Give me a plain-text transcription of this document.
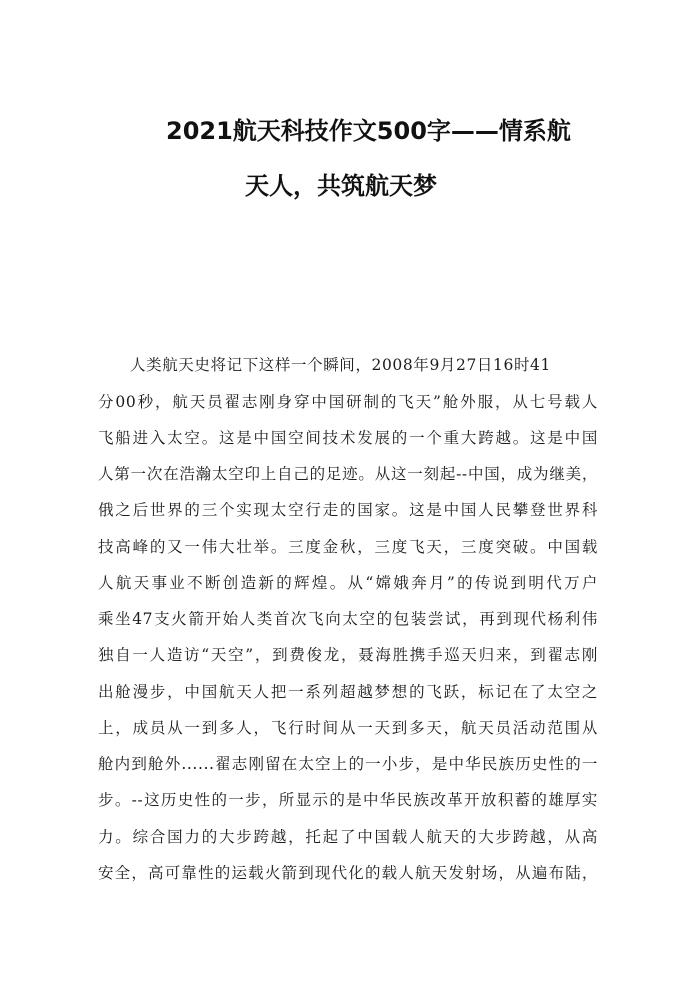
2021航天科技作文500字——情系航
天人，共筑航天梦
人类航天史将记下这样一个瞬间，2008年9月27日16时41
分00秒，航天员翟志刚身穿中国研制的飞天”舱外服，从七号载人
飞船进入太空。这是中国空间技术发展的一个重大跨越。这是中国
人第一次在浩瀚太空印上自己的足迹。从这一刻起--中国，成为继美，
俄之后世界的三个实现太空行走的国家。这是中国人民攀登世界科
技高峰的又一伟大壮举。三度金秋，三度飞天，三度突破。中国载
人航天事业不断创造新的辉煌。从“嫦娥奔月”的传说到明代万户
乘坐47支火箭开始人类首次飞向太空的包装尝试，再到现代杨利伟
独自一人造访“天空”，到费俊龙，聂海胜携手巡天归来，到翟志刚
出舱漫步，中国航天人把一系列超越梦想的飞跃，标记在了太空之
上，成员从一到多人，飞行时间从一天到多天，航天员活动范围从
舱内到舱外......翟志刚留在太空上的一小步，是中华民族历史性的一
步。--这历史性的一步，所显示的是中华民族改革开放积蓄的雄厚实
力。综合国力的大步跨越，托起了中国载人航天的大步跨越，从高
安全，高可靠性的运载火箭到现代化的载人航天发射场，从遍布陆，
